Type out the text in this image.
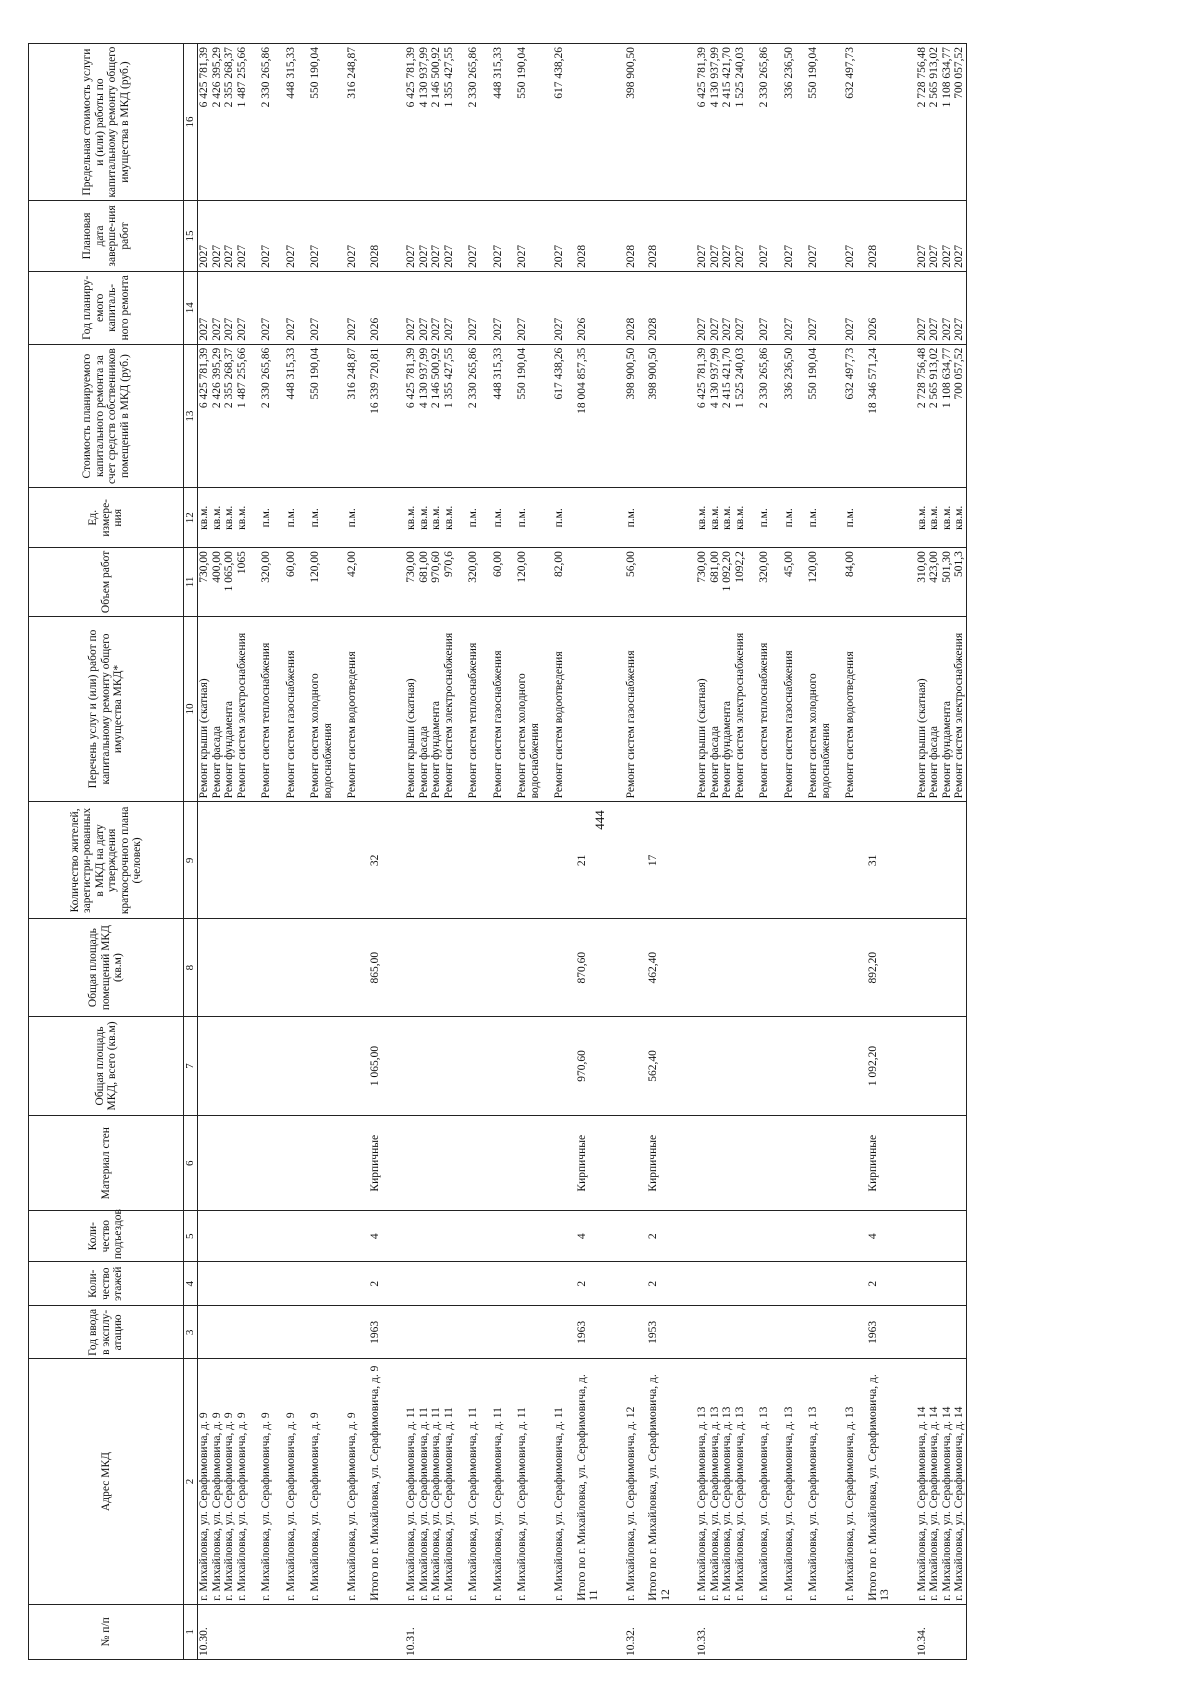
444
№ п/п	Адрес МКД	Год ввода в эксплу-атацию	Коли-чество этажей	Коли-чество подъездов	Материал стен	Общая площадь МКД, всего (кв.м)	Общая площадь помещений МКД (кв.м)	Количество жителей, зарегистри-рованных в МКД на дату утверждения краткосрочного плана (человек)	Перечень услуг и (или) работ по капитальному ремонту общего имущества МКД*	Объем работ	Ед. измере-ния	Стоимость планируемого капитального ремонта за счет средств собственников помещений в МКД (руб.)	Год планиру-емого капиталь-ного ремонта	Плановая дата заверше-ния работ	Предельная стоимость услуги и (или) работы по капитальному ремонту общего имущества в МКД (руб.)
1	2	3	4	5	6	7	8	9	10	11	12	13	14	15	16
10.30.	г. Михайловка, ул. Серафимовича, д. 9								Ремонт крыши (скатная)	730,00	кв.м.	6 425 781,39	2027	2027	6 425 781,39
	г. Михайловка, ул. Серафимовича, д. 9								Ремонт фасада	400,00	кв.м.	2 426 395,29	2027	2027	2 426 395,29
	г. Михайловка, ул. Серафимовича, д. 9								Ремонт фундамента	1 065,00	кв.м.	2 355 268,37	2027	2027	2 355 268,37
	г. Михайловка, ул. Серафимовича, д. 9								Ремонт систем электроснабжения	1065	кв.м.	1 487 255,66	2027	2027	1 487 255,66
	г. Михайловка, ул. Серафимовича, д. 9								Ремонт систем теплоснабжения	320,00	п.м.	2 330 265,86	2027	2027	2 330 265,86
	г. Михайловка, ул. Серафимовича, д. 9								Ремонт систем газоснабжения	60,00	п.м.	448 315,33	2027	2027	448 315,33
	г. Михайловка, ул. Серафимовича, д. 9								Ремонт систем холодного водоснабжения	120,00	п.м.	550 190,04	2027	2027	550 190,04
	г. Михайловка, ул. Серафимовича, д. 9								Ремонт систем водоотведения	42,00	п.м.	316 248,87	2027	2027	316 248,87
	Итого по г. Михайловка, ул. Серафимовича, д. 9	1963	2	4	Кирпичные	1 065,00	865,00	32				16 339 720,81	2026	2028	
10.31.	г. Михайловка, ул. Серафимовича, д. 11								Ремонт крыши (скатная)	730,00	кв.м.	6 425 781,39	2027	2027	6 425 781,39
	г. Михайловка, ул. Серафимовича, д. 11								Ремонт фасада	681,00	кв.м.	4 130 937,99	2027	2027	4 130 937,99
	г. Михайловка, ул. Серафимовича, д. 11								Ремонт фундамента	970,60	кв.м.	2 146 500,92	2027	2027	2 146 500,92
	г. Михайловка, ул. Серафимовича, д. 11								Ремонт систем электроснабжения	970,6	кв.м.	1 355 427,55	2027	2027	1 355 427,55
	г. Михайловка, ул. Серафимовича, д. 11								Ремонт систем теплоснабжения	320,00	п.м.	2 330 265,86	2027	2027	2 330 265,86
	г. Михайловка, ул. Серафимовича, д. 11								Ремонт систем газоснабжения	60,00	п.м.	448 315,33	2027	2027	448 315,33
	г. Михайловка, ул. Серафимовича, д. 11								Ремонт систем холодного водоснабжения	120,00	п.м.	550 190,04	2027	2027	550 190,04
	г. Михайловка, ул. Серафимовича, д. 11								Ремонт систем водоотведения	82,00	п.м.	617 438,26	2027	2027	617 438,26
	Итого по г. Михайловка, ул. Серафимовича, д. 11	1963	2	4	Кирпичные	970,60	870,60	21				18 004 857,35	2026	2028	
10.32.	г. Михайловка, ул. Серафимовича, д. 12								Ремонт систем газоснабжения	56,00	п.м.	398 900,50	2028	2028	398 900,50
	Итого по г. Михайловка, ул. Серафимовича, д. 12	1953	2	2	Кирпичные	562,40	462,40	17				398 900,50	2028	2028	
10.33.	г. Михайловка, ул. Серафимовича, д. 13								Ремонт крыши (скатная)	730,00	кв.м.	6 425 781,39	2027	2027	6 425 781,39
	г. Михайловка, ул. Серафимовича, д. 13								Ремонт фасада	681,00	кв.м.	4 130 937,99	2027	2027	4 130 937,99
	г. Михайловка, ул. Серафимовича, д. 13								Ремонт фундамента	1 092,20	кв.м.	2 415 421,70	2027	2027	2 415 421,70
	г. Михайловка, ул. Серафимовича, д. 13								Ремонт систем электроснабжения	1092,2	кв.м.	1 525 240,03	2027	2027	1 525 240,03
	г. Михайловка, ул. Серафимовича, д. 13								Ремонт систем теплоснабжения	320,00	п.м.	2 330 265,86	2027	2027	2 330 265,86
	г. Михайловка, ул. Серафимовича, д. 13								Ремонт систем газоснабжения	45,00	п.м.	336 236,50	2027	2027	336 236,50
	г. Михайловка, ул. Серафимовича, д. 13								Ремонт систем холодного водоснабжения	120,00	п.м.	550 190,04	2027	2027	550 190,04
	г. Михайловка, ул. Серафимовича, д. 13								Ремонт систем водоотведения	84,00	п.м.	632 497,73	2027	2027	632 497,73
	Итого по г. Михайловка, ул. Серафимовича, д. 13	1963	2	4	Кирпичные	1 092,20	892,20	31				18 346 571,24	2026	2028	
10.34.	г. Михайловка, ул. Серафимовича, д. 14								Ремонт крыши (скатная)	310,00	кв.м.	2 728 756,48	2027	2027	2 728 756,48
	г. Михайловка, ул. Серафимовича, д. 14								Ремонт фасада	423,00	кв.м.	2 565 913,02	2027	2027	2 565 913,02
	г. Михайловка, ул. Серафимовича, д. 14								Ремонт фундамента	501,30	кв.м.	1 108 634,77	2027	2027	1 108 634,77
	г. Михайловка, ул. Серафимовича, д. 14								Ремонт систем электроснабжения	501,3	кв.м.	700 057,52	2027	2027	700 057,52
